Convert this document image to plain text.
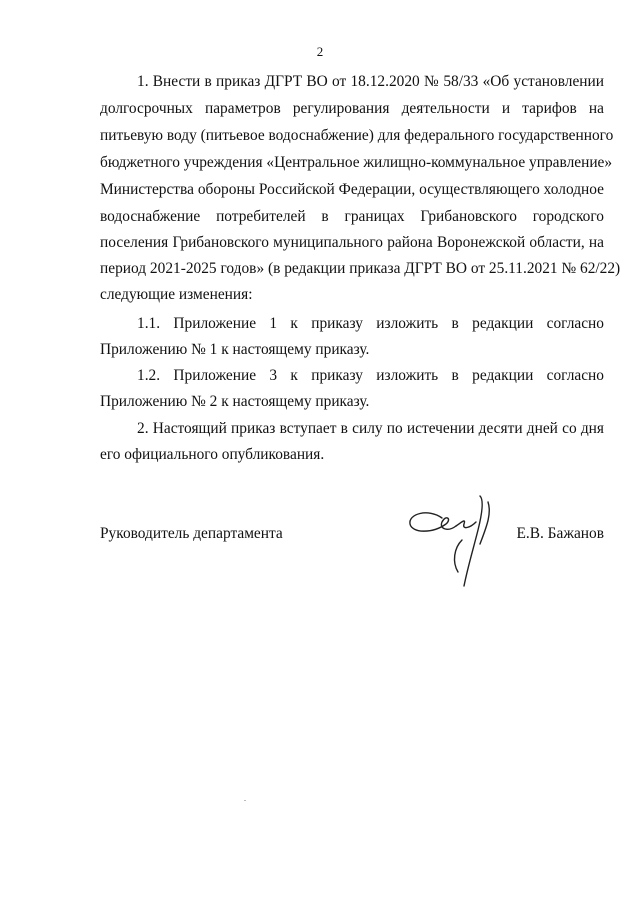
2
1. Внести в приказ ДГРТ ВО от 18.12.2020 № 58/33 «Об установлении
долгосрочных параметров регулирования деятельности и тарифов на
питьевую воду (питьевое водоснабжение) для федерального государственного
бюджетного учреждения «Центральное жилищно-коммунальное управление»
Министерства обороны Российской Федерации, осуществляющего холодное
водоснабжение потребителей в границах Грибановского городского
поселения Грибановского муниципального района Воронежской области, на
период 2021-2025 годов» (в редакции приказа ДГРТ ВО от 25.11.2021 № 62/22)
следующие изменения:
1.1. Приложение 1 к приказу изложить в редакции согласно
Приложению № 1 к настоящему приказу.
1.2. Приложение 3 к приказу изложить в редакции согласно
Приложению № 2 к настоящему приказу.
2. Настоящий приказ вступает в силу по истечении десяти дней со дня
его официального опубликования.
Руководитель департамента	Е.В. Бажанов
